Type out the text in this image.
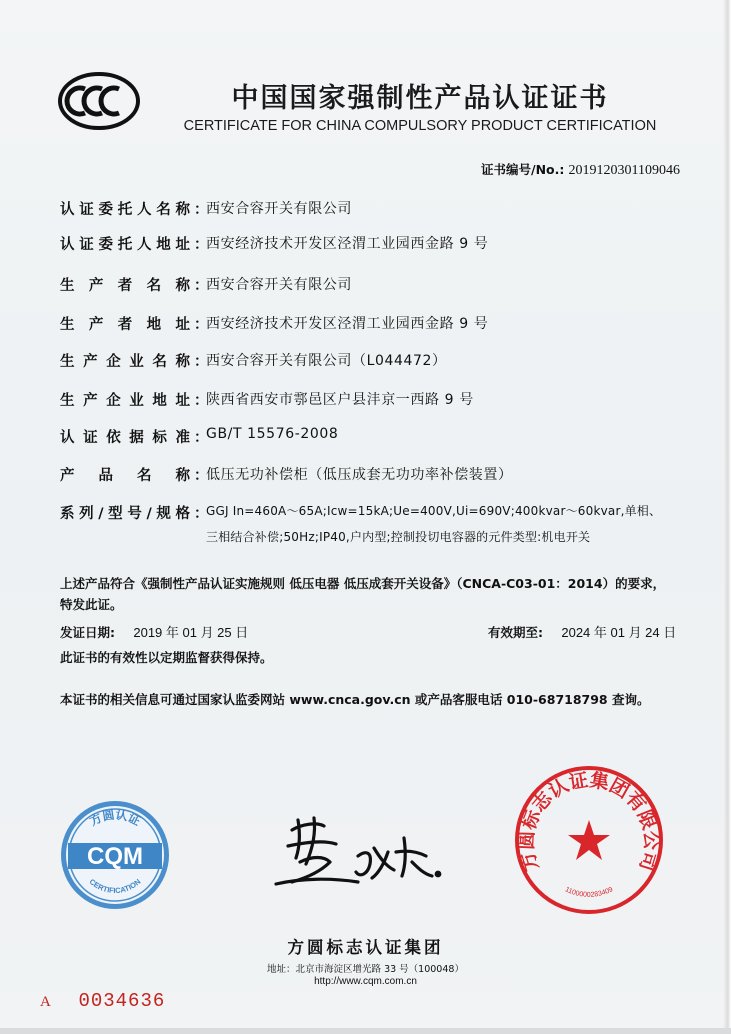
中国国家强制性产品认证证书
CERTIFICATE FOR CHINA COMPULSORY PRODUCT CERTIFICATION
证书编号/No.: 2019120301109046
认证委托人名称 ：
西安合容开关有限公司
认证委托人地址 ：
西安经济技术开发区泾渭工业园西金路 9 号
生产者名称 ：
西安合容开关有限公司
生产者地址 ：
西安经济技术开发区泾渭工业园西金路 9 号
生产企业名称 ：
西安合容开关有限公司（L044472）
生产企业地址 ：
陕西省西安市鄠邑区户县沣京一西路 9 号
认证依据标准 ：
GB/T 15576-2008
产品名称 ：
低压无功补偿柜（低压成套无功功率补偿装置）
系列/型号/规格 ：
GGJ In=460A～65A;Icw=15kA;Ue=400V,Ui=690V;400kvar～60kvar,单相、
三相结合补偿;50Hz;IP40,户内型;控制投切电容器的元件类型:机电开关
上述产品符合《强制性产品认证实施规则 低压电器 低压成套开关设备》（CNCA-C03-01：2014）的要求，
特发此证。
发证日期: 2019 年 01 月 25 日	有效期至: 2024 年 01 月 24 日
此证书的有效性以定期监督获得保持。
本证书的相关信息可通过国家认监委网站 www.cnca.gov.cn 或产品客服电话 010-68718798 查询。
方圆认证
CQM
CERTIFICATION
方圆标志认证集团有限公司
1100000283409
方圆标志认证集团
地址：北京市海淀区增光路 33 号（100048）
http://www.cqm.com.cn
A 0034636
